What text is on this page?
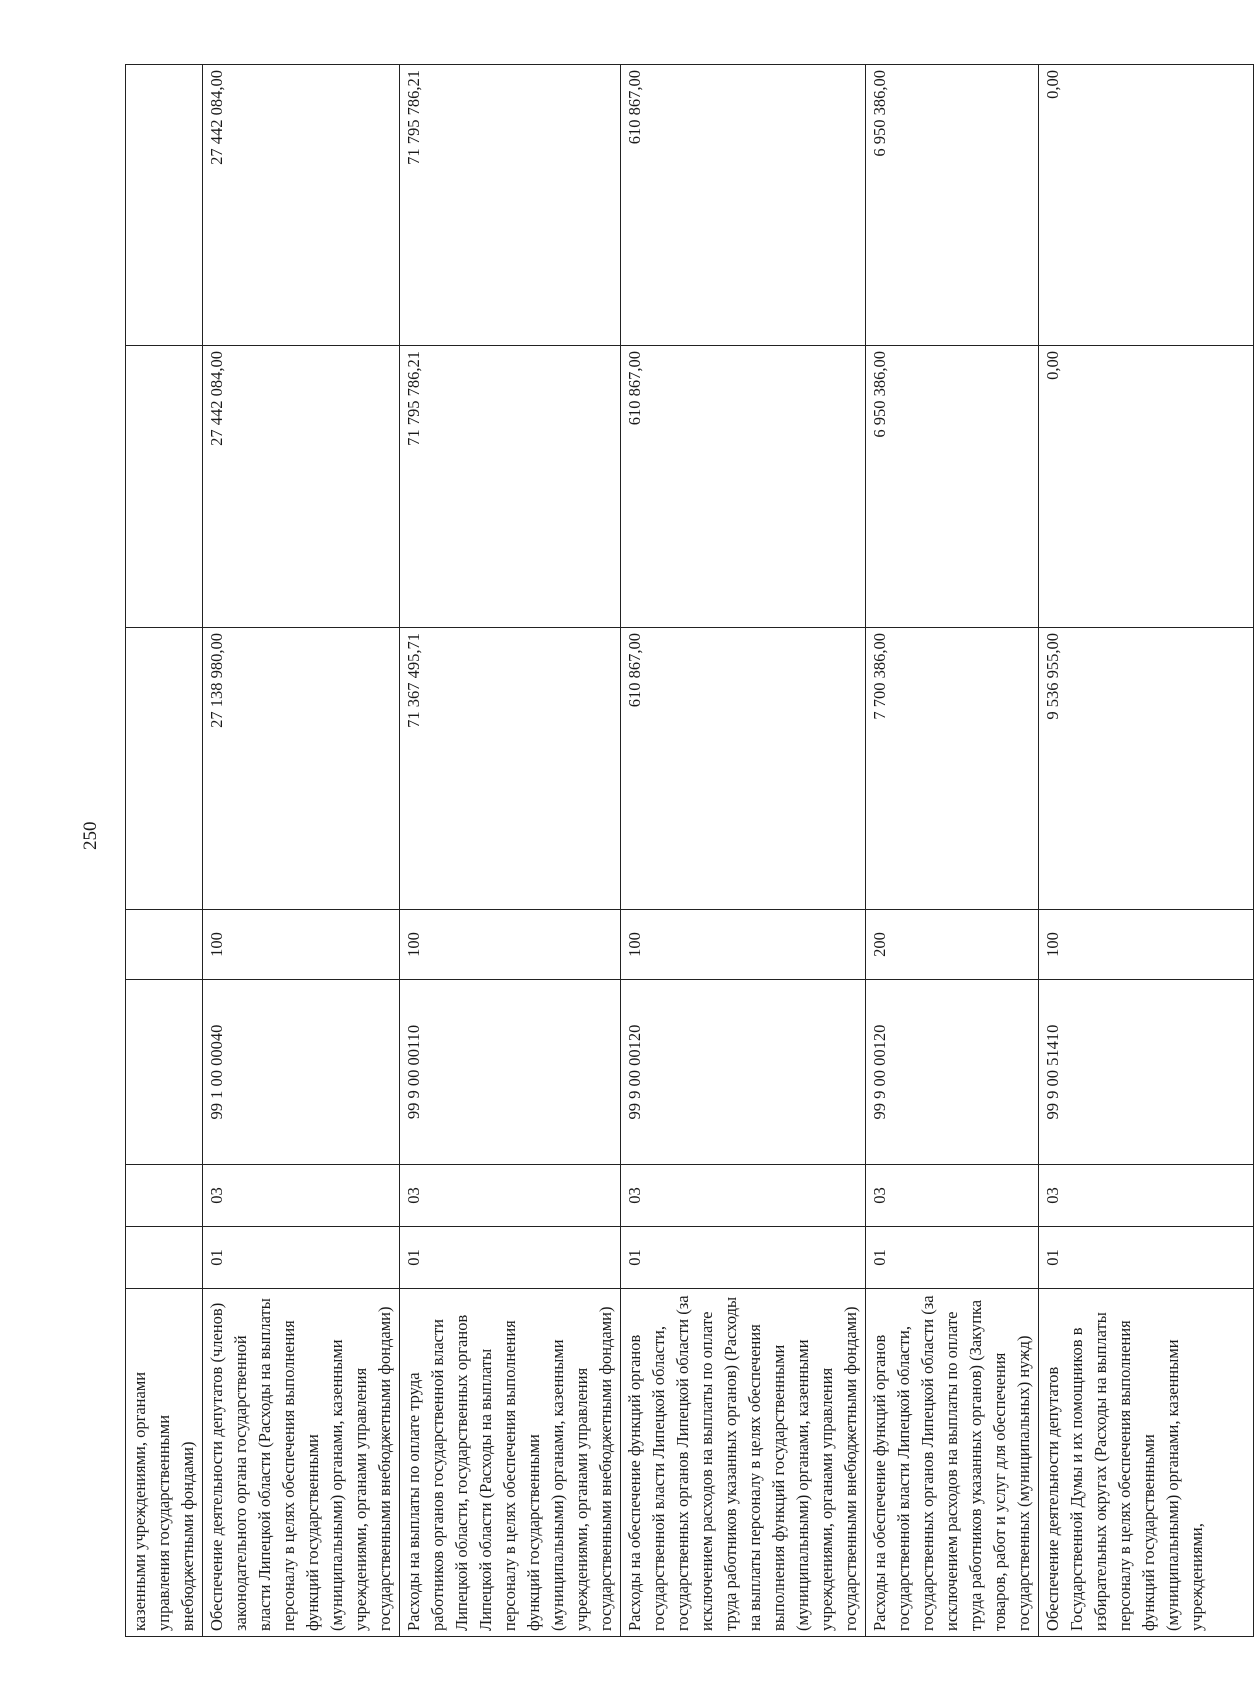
250
казенными учреждениями, органами управления государственными внебюджетными фондами)							
Обеспечение деятельности депутатов (членов) законодательного органа государственной власти Липецкой области (Расходы на выплаты персоналу в целях обеспечения выполнения функций государственными (муниципальными) органами, казенными учреждениями, органами управления государственными внебюджетными фондами)	01	03	99 1 00 00040	100	27 138 980,00	27 442 084,00	27 442 084,00
Расходы на выплаты по оплате труда работников органов государственной власти Липецкой области, государственных органов Липецкой области (Расходы на выплаты персоналу в целях обеспечения выполнения функций государственными (муниципальными) органами, казенными учреждениями, органами управления государственными внебюджетными фондами)	01	03	99 9 00 00110	100	71 367 495,71	71 795 786,21	71 795 786,21
Расходы на обеспечение функций органов государственной власти Липецкой области, государственных органов Липецкой области (за исключением расходов на выплаты по оплате труда работников указанных органов) (Расходы на выплаты персоналу в целях обеспечения выполнения функций государственными (муниципальными) органами, казенными учреждениями, органами управления государственными внебюджетными фондами)	01	03	99 9 00 00120	100	610 867,00	610 867,00	610 867,00
Расходы на обеспечение функций органов государственной власти Липецкой области, государственных органов Липецкой области (за исключением расходов на выплаты по оплате труда работников указанных органов) (Закупка товаров, работ и услуг для обеспечения государственных (муниципальных) нужд)	01	03	99 9 00 00120	200	7 700 386,00	6 950 386,00	6 950 386,00
Обеспечение деятельности депутатов Государственной Думы и их помощников в избирательных округах (Расходы на выплаты персоналу в целях обеспечения выполнения функций государственными (муниципальными) органами, казенными учреждениями,	01	03	99 9 00 51410	100	9 536 955,00	0,00	0,00
